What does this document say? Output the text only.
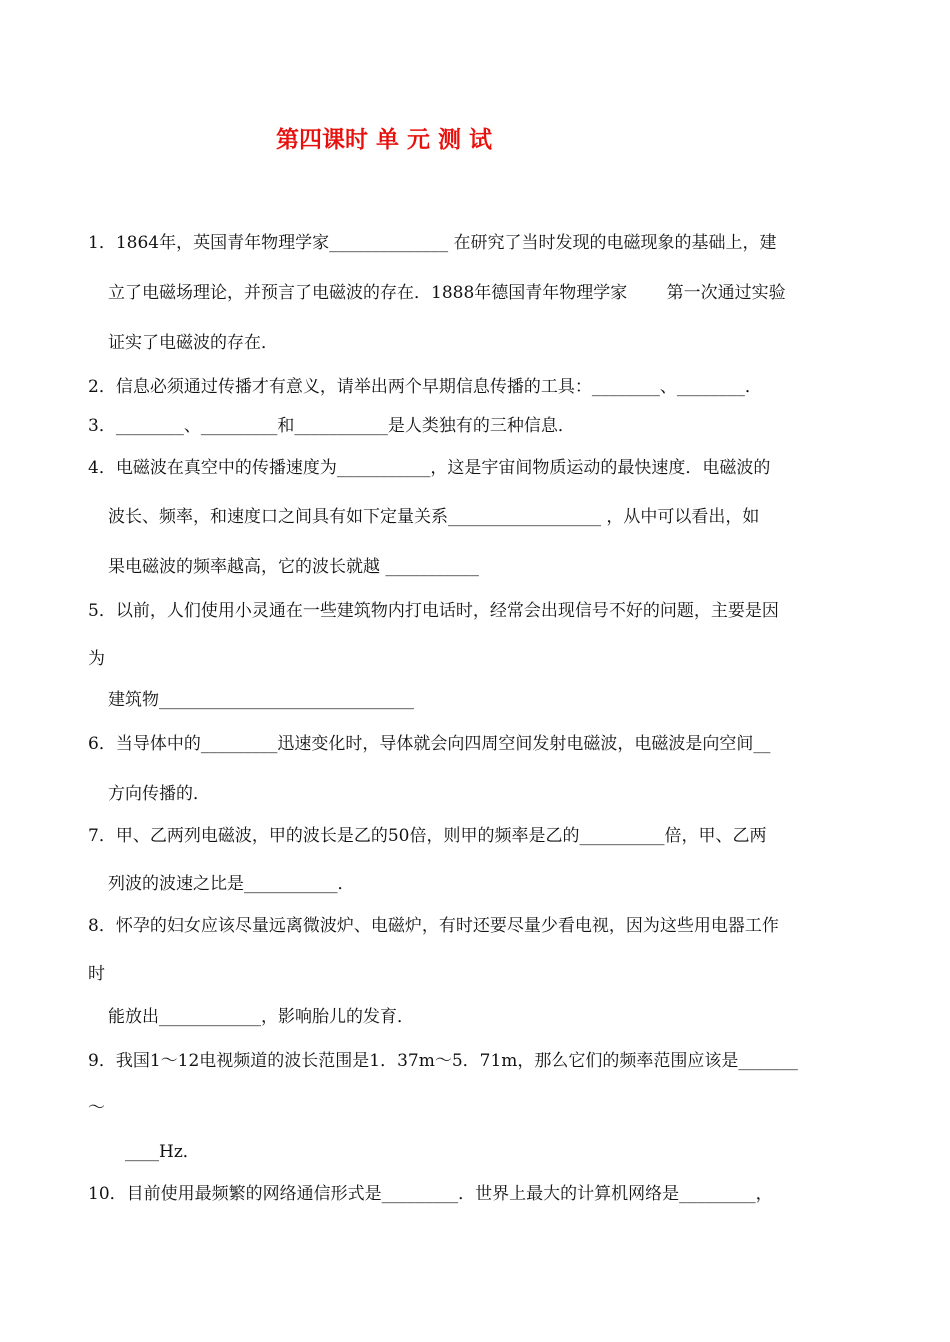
第四课时 单 元 测 试
1．1864年，英国青年物理学家______________ 在研究了当时发现的电磁现象的基础上，建
立了电磁场理论，并预言了电磁波的存在．1888年德国青年物理学家　　 第一次通过实验
证实了电磁波的存在．
2．信息必须通过传播才有意义，请举出两个早期信息传播的工具：________、________．
3．________、_________和___________是人类独有的三种信息．
4．电磁波在真空中的传播速度为___________，这是宇宙间物质运动的最快速度．电磁波的
波长、频率，和速度口之间具有如下定量关系__________________ ，从中可以看出，如
果电磁波的频率越高，它的波长就越 ___________
5．以前，人们使用小灵通在一些建筑物内打电话时，经常会出现信号不好的问题，主要是因
为
建筑物______________________________
6．当导体中的_________迅速变化时，导体就会向四周空间发射电磁波，电磁波是向空间__
方向传播的．
7．甲、乙两列电磁波，甲的波长是乙的50倍，则甲的频率是乙的__________倍，甲、乙两
列波的波速之比是___________．
8．怀孕的妇女应该尽量远离微波炉、电磁炉，有时还要尽量少看电视，因为这些用电器工作
时
能放出____________，影响胎儿的发育．
9．我国1～12电视频道的波长范围是1．37m～5．71m，那么它们的频率范围应该是_______
～
____Hz．
10．目前使用最频繁的网络通信形式是_________．世界上最大的计算机网络是_________，
